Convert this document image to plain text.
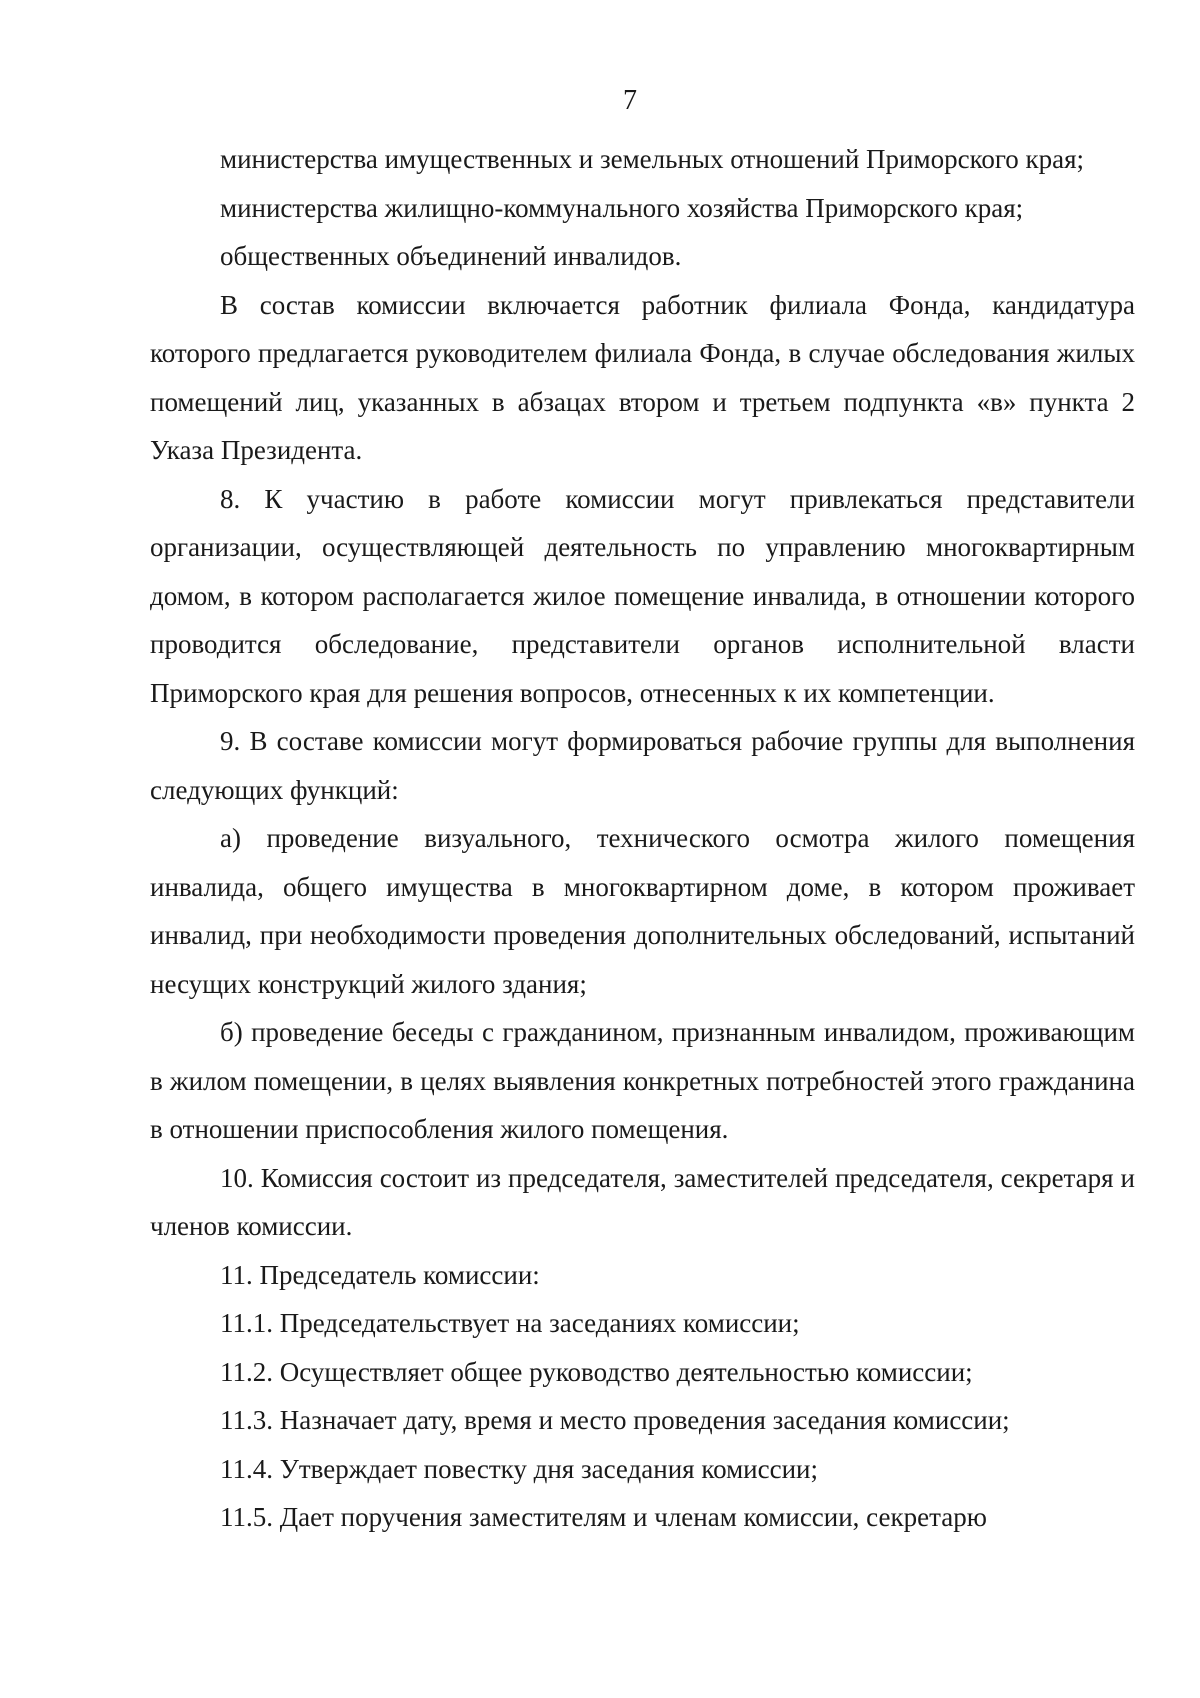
7

министерства имущественных и земельных отношений Приморского края;

министерства жилищно-коммунального хозяйства Приморского края;

общественных объединений инвалидов.

В состав комиссии включается работник филиала Фонда, кандидатура которого предлагается руководителем филиала Фонда, в случае обследования жилых помещений лиц, указанных в абзацах втором и третьем подпункта «в» пункта 2 Указа Президента.

8. К участию в работе комиссии могут привлекаться представители организации, осуществляющей деятельность по управлению многоквартирным домом, в котором располагается жилое помещение инвалида, в отношении которого проводится обследование, представители органов исполнительной власти Приморского края для решения вопросов, отнесенных к их компетенции.

9. В составе комиссии могут формироваться рабочие группы для выполнения следующих функций:

а) проведение визуального, технического осмотра жилого помещения инвалида, общего имущества в многоквартирном доме, в котором проживает инвалид, при необходимости проведения дополнительных обследований, испытаний несущих конструкций жилого здания;

б) проведение беседы с гражданином, признанным инвалидом, проживающим в жилом помещении, в целях выявления конкретных потребностей этого гражданина в отношении приспособления жилого помещения.

10. Комиссия состоит из председателя, заместителей председателя, секретаря и членов комиссии.

11. Председатель комиссии:

11.1. Председательствует на заседаниях комиссии;

11.2. Осуществляет общее руководство деятельностью комиссии;

11.3. Назначает дату, время и место проведения заседания комиссии;

11.4. Утверждает повестку дня заседания комиссии;

11.5. Дает поручения заместителям и членам комиссии, секретарю
